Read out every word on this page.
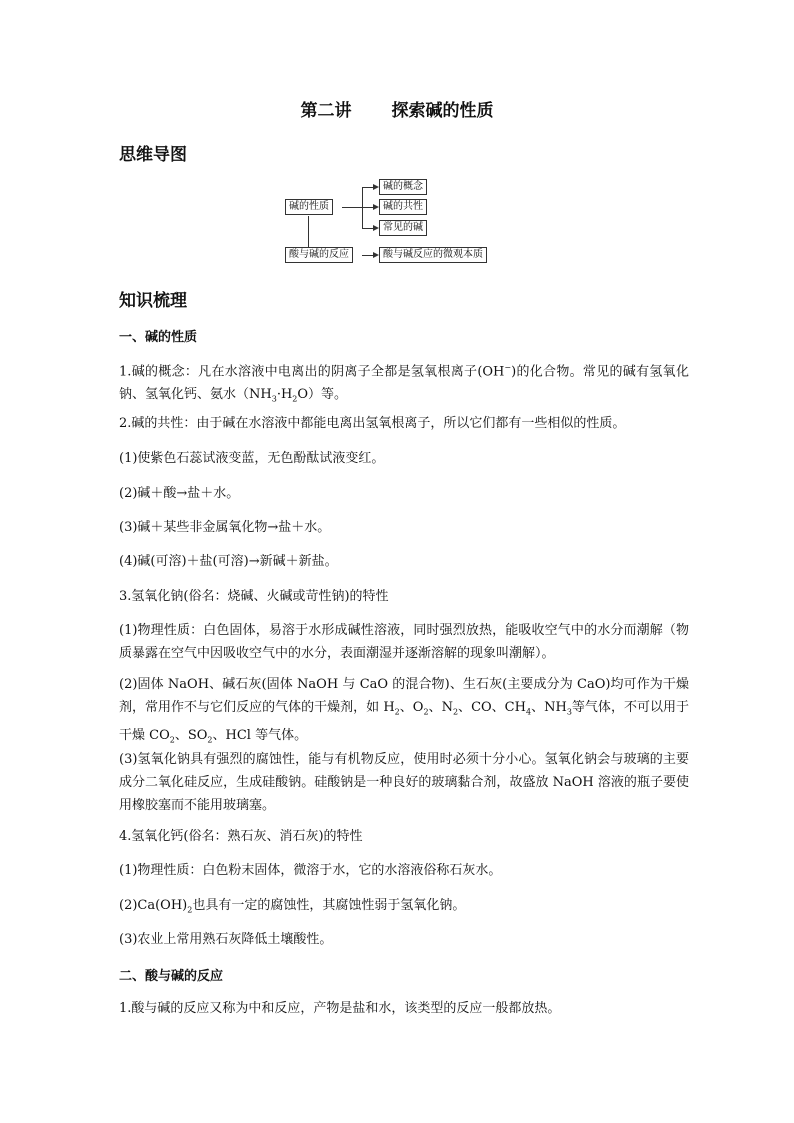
第二讲 探索碱的性质
思维导图
碱的性质
碱的概念
碱的共性
常见的碱
酸与碱的反应	酸与碱反应的微观本质
知识梳理
一、碱的性质
1.碱的概念：凡在水溶液中电离出的阴离子全都是氢氧根离子(OH−)的化合物。常见的碱有氢氧化钠、氢氧化钙、氨水$(NH_3\cdot H_2O)$等。
2.碱的共性：由于碱在水溶液中都能电离出氢氧根离子，所以它们都有一些相似的性质。
(1)使紫色石蕊试液变蓝，无色酚酞试液变红。
(2)碱＋酸→盐＋水。
(3)碱＋某些非金属氧化物→盐＋水。
(4)碱(可溶)＋盐(可溶)→新碱＋新盐。
3.氢氧化钠(俗名：烧碱、火碱或苛性钠)的特性
(1)物理性质：白色固体，易溶于水形成碱性溶液，同时强烈放热，能吸收空气中的水分而潮解（物质暴露在空气中因吸收空气中的水分，表面潮湿并逐渐溶解的现象叫潮解）。
(2)固体 NaOH、碱石灰(固体 NaOH 与 CaO 的混合物)、生石灰(主要成分为 CaO)均可作为干燥剂，常用作不与它们反应的气体的干燥剂，如 $H_2$、$O_2$、$N_2$、CO、$CH_4$、$NH_3$等气体，不可以用于干燥 $CO_2$、$SO_2$、HCl 等气体。
(3)氢氧化钠具有强烈的腐蚀性，能与有机物反应，使用时必须十分小心。氢氧化钠会与玻璃的主要成分二氧化硅反应，生成硅酸钠。硅酸钠是一种良好的玻璃黏合剂，故盛放 NaOH 溶液的瓶子要使用橡胶塞而不能用玻璃塞。
4.氢氧化钙(俗名：熟石灰、消石灰)的特性
(1)物理性质：白色粉末固体，微溶于水，它的水溶液俗称石灰水。
$(2)Ca(OH)_2$也具有一定的腐蚀性，其腐蚀性弱于氢氧化钠。
(3)农业上常用熟石灰降低土壤酸性。
二、酸与碱的反应
1.酸与碱的反应又称为中和反应，产物是盐和水，该类型的反应一般都放热。
